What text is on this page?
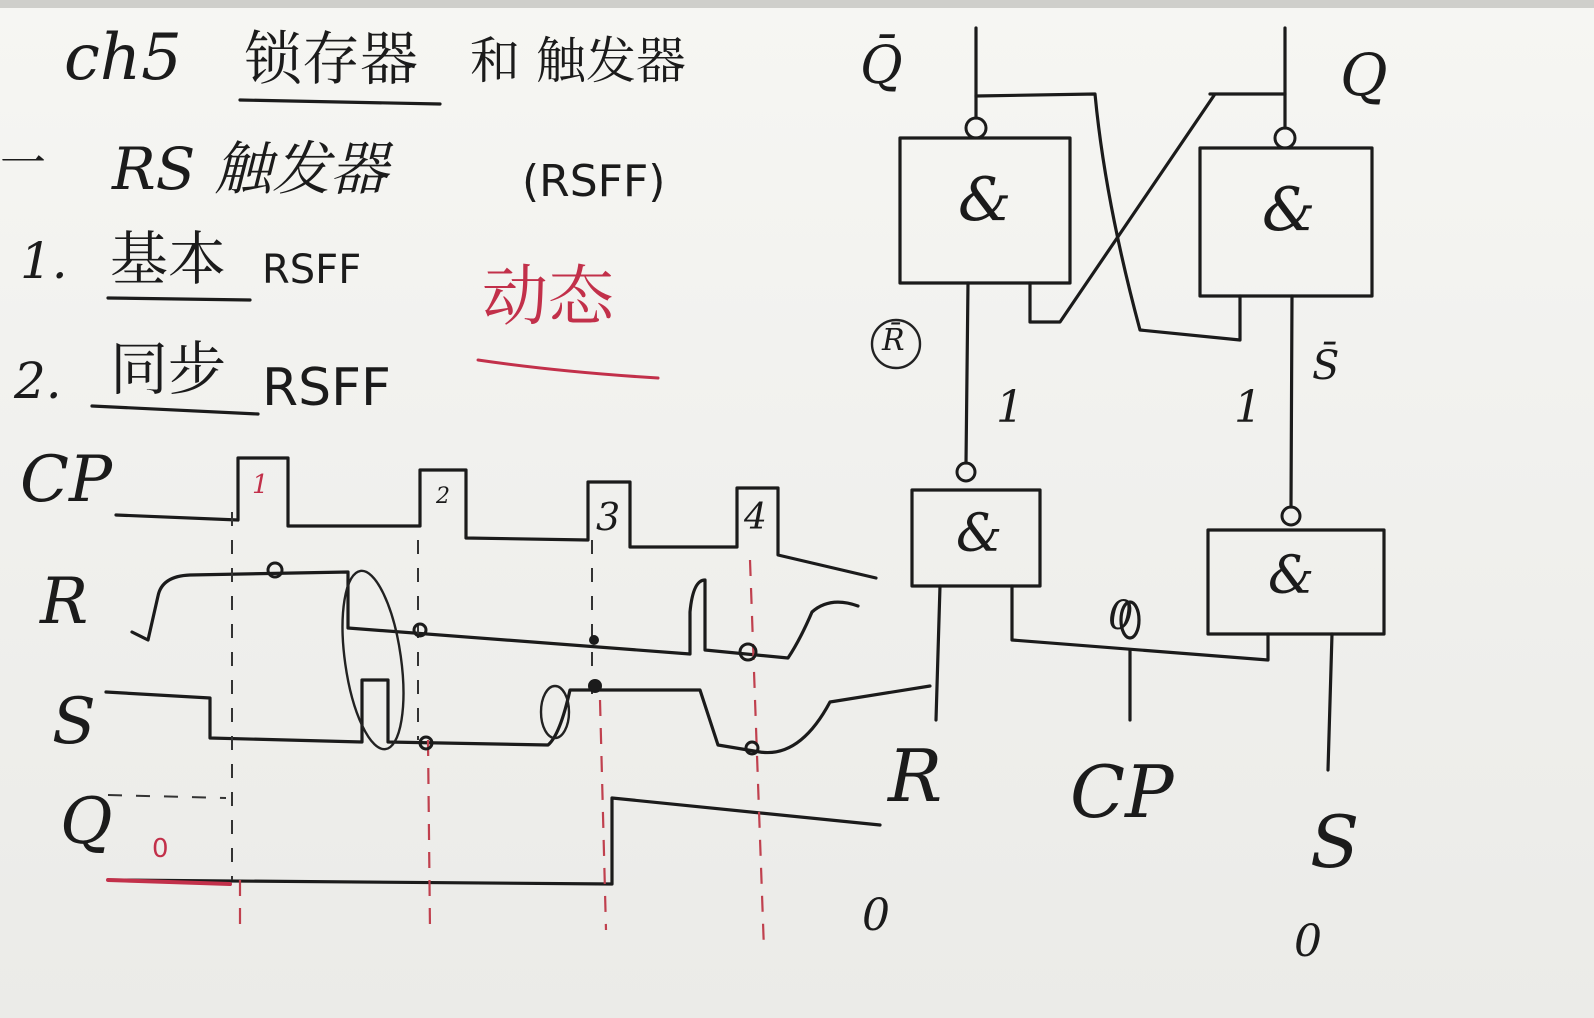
ch5 锁存器 和 触发器
一 RS 触发器	(RSFF)
1. 基本 RSFF
2. 同步 RSFF
动态
CP
R
S
Q 0
1	2	3	4
Q̄	Q
&	&
&
&
R̄
S̄
1	1
0
R CP
S
0
0
